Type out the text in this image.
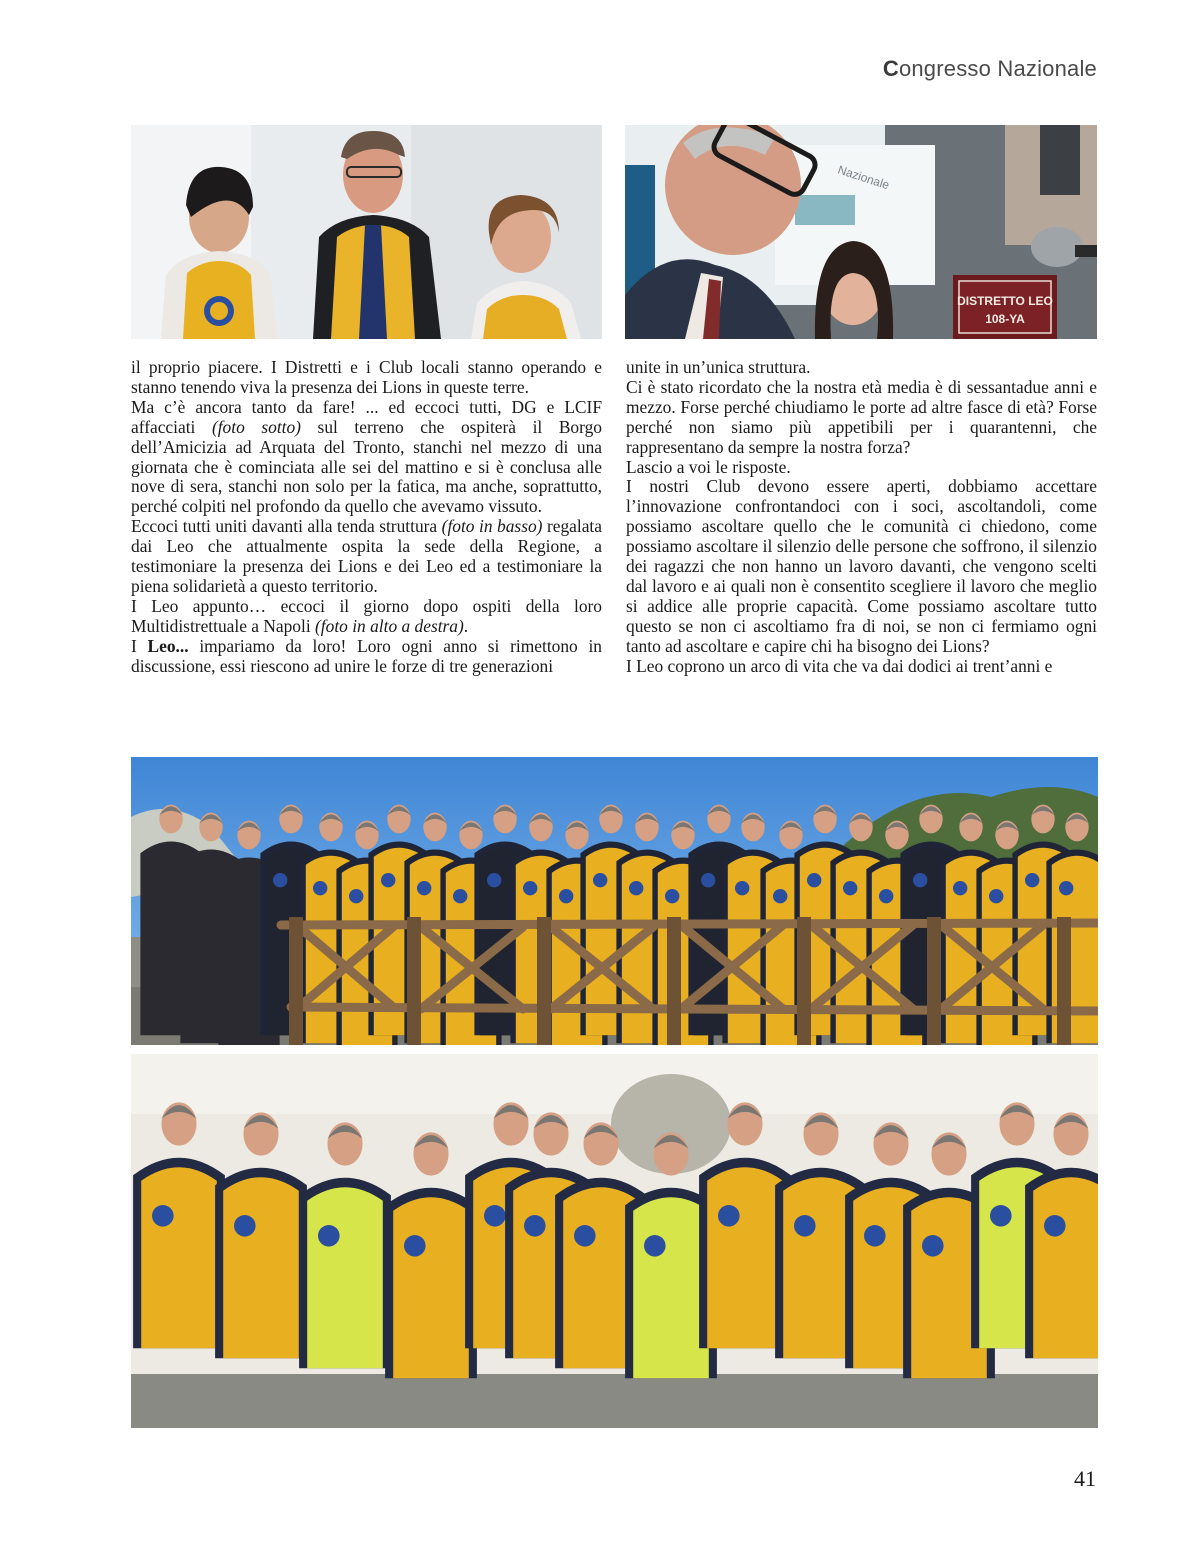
Congresso Nazionale
Nazionale
DISTRETTO LEO
108-YA

il proprio piacere. I Distretti e i Club locali stanno operando e stanno tenendo viva la presenza dei Lions in queste terre.

Ma c’è ancora tanto da fare! ... ed eccoci tutti, DG e LCIF affacciati (foto sotto) sul terreno che ospiterà il Borgo dell’Amicizia ad Arquata del Tronto, stanchi nel mezzo di una giornata che è cominciata alle sei del mattino e si è conclusa alle nove di sera, stanchi non solo per la fatica, ma anche, soprattutto, perché colpiti nel profondo da quello che avevamo vissuto.

Eccoci tutti uniti davanti alla tenda struttura (foto in basso) regalata dai Leo che attualmente ospita la sede della Regione, a testimoniare la presenza dei Lions e dei Leo ed a testimoniare la piena solidarietà a questo territorio.

I Leo appunto… eccoci il giorno dopo ospiti della loro Multidistrettuale a Napoli (foto in alto a destra).

I Leo... impariamo da loro! Loro ogni anno si rimettono in discussione, essi riescono ad unire le forze di tre generazioni

unite in un’unica struttura.

Ci è stato ricordato che la nostra età media è di sessantadue anni e mezzo. Forse perché chiudiamo le porte ad altre fasce di età? Forse perché non siamo più appetibili per i quarantenni, che rappresentano da sempre la nostra forza?

Lascio a voi le risposte.

I nostri Club devono essere aperti, dobbiamo accettare l’innovazione confrontandoci con i soci, ascoltandoli, come possiamo ascoltare quello che le comunità ci chiedono, come possiamo ascoltare il silenzio delle persone che soffrono, il silenzio dei ragazzi che non hanno un lavoro davanti, che vengono scelti dal lavoro e ai quali non è consentito scegliere il lavoro che meglio si addice alle proprie capacità. Come possiamo ascoltare tutto questo se non ci ascoltiamo fra di noi, se non ci fermiamo ogni tanto ad ascoltare e capire chi ha bisogno dei Lions?

I Leo coprono un arco di vita che va dai dodici ai trent’anni e

41
